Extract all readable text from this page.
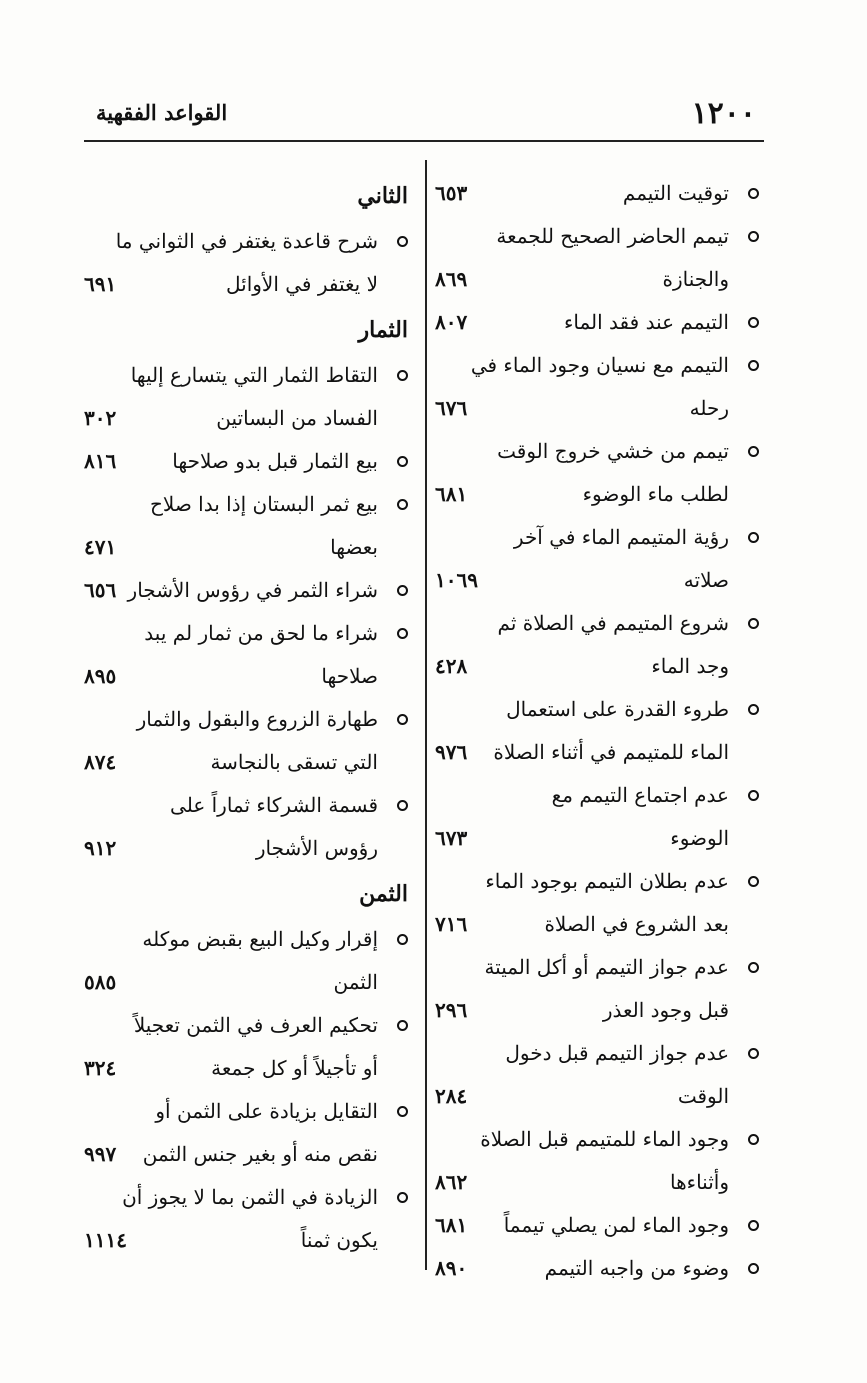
١٢٠٠
القواعد الفقهية
توقيت التيمم
٦٥٣
تيمم الحاضر الصحيح للجمعة
والجنازة
٨٦٩
التيمم عند فقد الماء
٨٠٧
التيمم مع نسيان وجود الماء في
رحله
٦٧٦
تيمم من خشي خروج الوقت
لطلب ماء الوضوء
٦٨١
رؤية المتيمم الماء في آخر
صلاته
١٠٦٩
شروع المتيمم في الصلاة ثم
وجد الماء
٤٢٨
طروء القدرة على استعمال
الماء للمتيمم في أثناء الصلاة
٩٧٦
عدم اجتماع التيمم مع
الوضوء
٦٧٣
عدم بطلان التيمم بوجود الماء
بعد الشروع في الصلاة
٧١٦
عدم جواز التيمم أو أكل الميتة
قبل وجود العذر
٢٩٦
عدم جواز التيمم قبل دخول
الوقت
٢٨٤
وجود الماء للمتيمم قبل الصلاة
وأثناءها
٨٦٢
وجود الماء لمن يصلي تيمماً
٦٨١
وضوء من واجبه التيمم
٨٩٠
الثاني
شرح قاعدة يغتفر في الثواني ما
لا يغتفر في الأوائل
٦٩١
الثمار
التقاط الثمار التي يتسارع إليها
الفساد من البساتين
٣٠٢
بيع الثمار قبل بدو صلاحها
٨١٦
بيع ثمر البستان إذا بدا صلاح
بعضها
٤٧١
شراء الثمر في رؤوس الأشجار
٦٥٦
شراء ما لحق من ثمار لم يبد
صلاحها
٨٩٥
طهارة الزروع والبقول والثمار
التي تسقى بالنجاسة
٨٧٤
قسمة الشركاء ثماراً على
رؤوس الأشجار
٩١٢
الثمن
إقرار وكيل البيع بقبض موكله
الثمن
٥٨٥
تحكيم العرف في الثمن تعجيلاً
أو تأجيلاً أو كل جمعة
٣٢٤
التقايل بزيادة على الثمن أو
نقص منه أو بغير جنس الثمن
٩٩٧
الزيادة في الثمن بما لا يجوز أن
يكون ثمناً
١١١٤
